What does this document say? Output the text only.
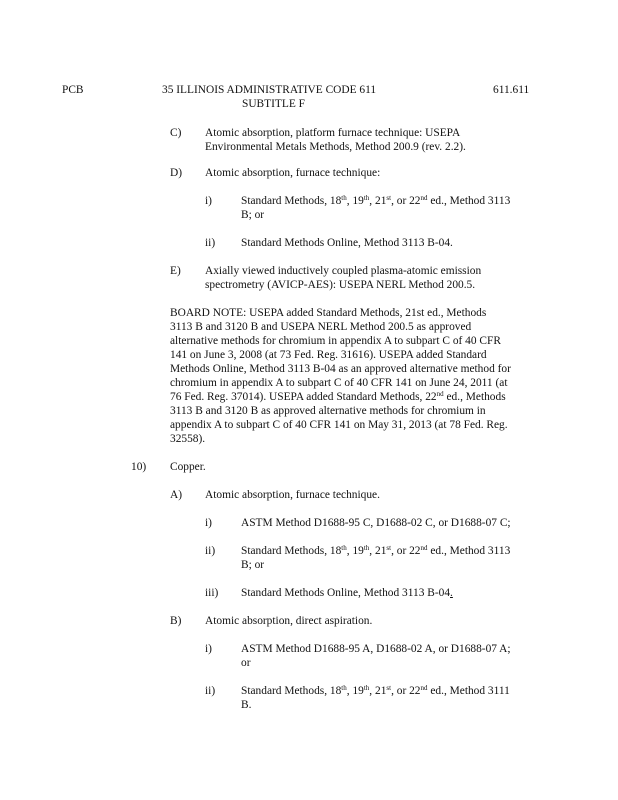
PCB	35 ILLINOIS ADMINISTRATIVE CODE 611
SUBTITLE F
611.611
C) Atomic absorption, platform furnace technique: USEPA
Environmental Metals Methods, Method 200.9 (rev. 2.2).
D) Atomic absorption, furnace technique:
i)	Standard Methods, 18th, 19th, 21st, or 22nd ed., Method 3113
B; or
ii) Standard Methods Online, Method 3113 B-04.
E) Axially viewed inductively coupled plasma-atomic emission
spectrometry (AVICP-AES): USEPA NERL Method 200.5.
BOARD NOTE: USEPA added Standard Methods, 21st ed., Methods
3113 B and 3120 B and USEPA NERL Method 200.5 as approved
alternative methods for chromium in appendix A to subpart C of 40 CFR
141 on June 3, 2008 (at 73 Fed. Reg. 31616). USEPA added Standard
Methods Online, Method 3113 B-04 as an approved alternative method for
chromium in appendix A to subpart C of 40 CFR 141 on June 24, 2011 (at
76 Fed. Reg. 37014). USEPA added Standard Methods, 22nd ed., Methods
3113 B and 3120 B as approved alternative methods for chromium in
appendix A to subpart C of 40 CFR 141 on May 31, 2013 (at 78 Fed. Reg.
32558).
10) Copper.
A) Atomic absorption, furnace technique.
i)	ASTM Method D1688-95 C, D1688-02 C, or D1688-07 C;
ii) Standard Methods, 18th, 19th, 21st, or 22nd ed., Method 3113
B; or
iii) Standard Methods Online, Method 3113 B-04.
B) Atomic absorption, direct aspiration.
i)	ASTM Method D1688-95 A, D1688-02 A, or D1688-07 A;
or
ii) Standard Methods, 18th, 19th, 21st, or 22nd ed., Method 3111
B.
